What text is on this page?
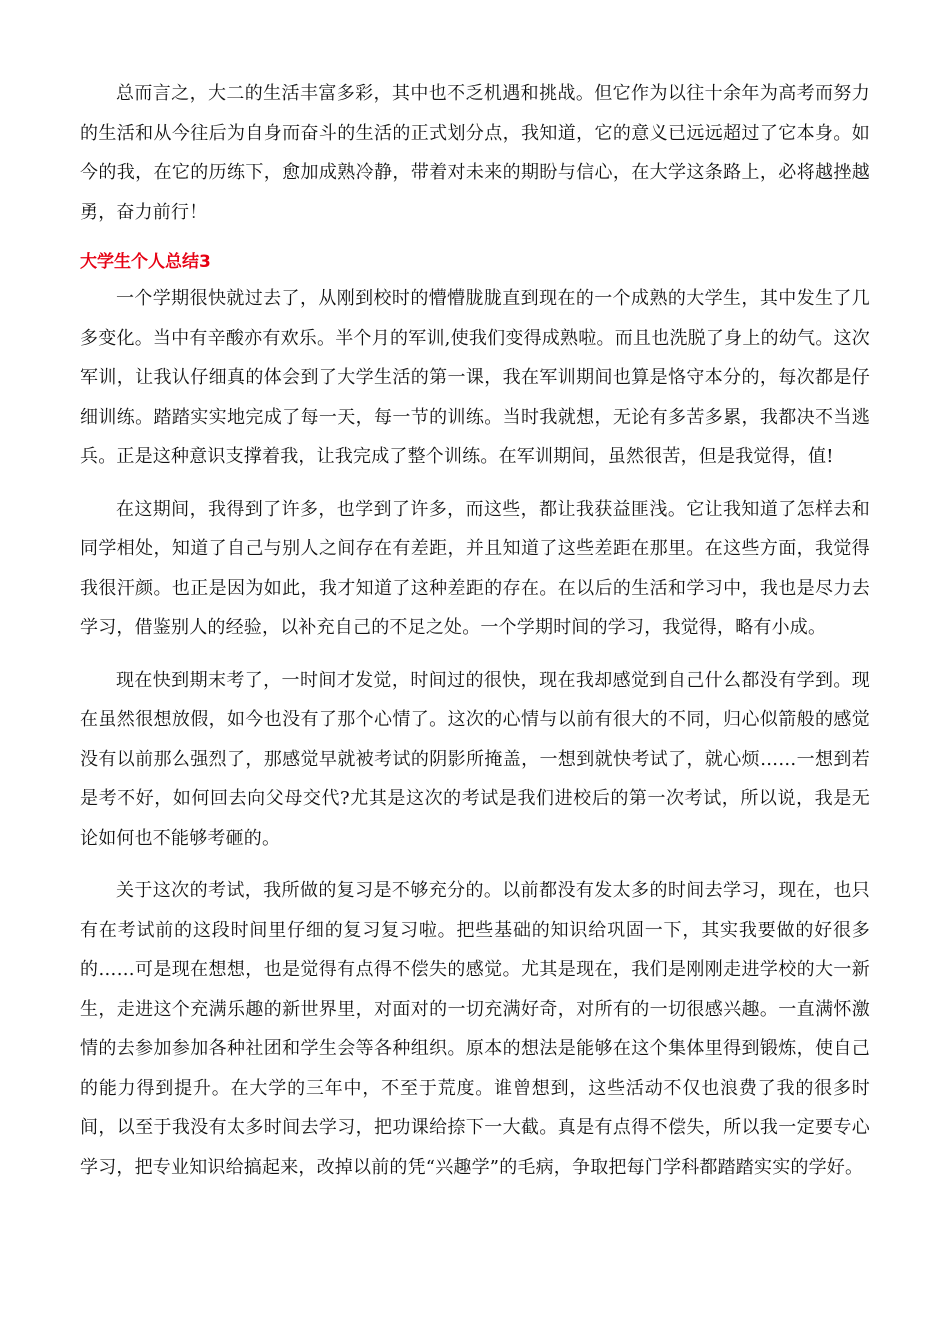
总而言之，大二的生活丰富多彩，其中也不乏机遇和挑战。但它作为以往十余年为高考而努力的生活和从今往后为自身而奋斗的生活的正式划分点，我知道，它的意义已远远超过了它本身。如今的我，在它的历练下，愈加成熟冷静，带着对未来的期盼与信心，在大学这条路上，必将越挫越勇，奋力前行！

大学生个人总结3

一个学期很快就过去了，从刚到校时的懵懵胧胧直到现在的一个成熟的大学生，其中发生了几多变化。当中有辛酸亦有欢乐。半个月的军训,使我们变得成熟啦。而且也洗脱了身上的幼气。这次军训，让我认仔细真的体会到了大学生活的第一课，我在军训期间也算是恪守本分的，每次都是仔细训练。踏踏实实地完成了每一天，每一节的训练。当时我就想，无论有多苦多累，我都决不当逃兵。正是这种意识支撑着我，让我完成了整个训练。在军训期间，虽然很苦，但是我觉得，值!

在这期间，我得到了许多，也学到了许多，而这些，都让我获益匪浅。它让我知道了怎样去和同学相处，知道了自己与别人之间存在有差距，并且知道了这些差距在那里。在这些方面，我觉得我很汗颜。也正是因为如此，我才知道了这种差距的存在。在以后的生活和学习中，我也是尽力去学习，借鉴别人的经验，以补充自己的不足之处。一个学期时间的学习，我觉得，略有小成。

现在快到期末考了，一时间才发觉，时间过的很快，现在我却感觉到自己什么都没有学到。现在虽然很想放假，如今也没有了那个心情了。这次的心情与以前有很大的不同，归心似箭般的感觉没有以前那么强烈了，那感觉早就被考试的阴影所掩盖，一想到就快考试了，就心烦……一想到若是考不好，如何回去向父母交代?尤其是这次的考试是我们进校后的第一次考试，所以说，我是无论如何也不能够考砸的。

关于这次的考试，我所做的复习是不够充分的。以前都没有发太多的时间去学习，现在，也只有在考试前的这段时间里仔细的复习复习啦。把些基础的知识给巩固一下，其实我要做的好很多的……可是现在想想，也是觉得有点得不偿失的感觉。尤其是现在，我们是刚刚走进学校的大一新生，走进这个充满乐趣的新世界里，对面对的一切充满好奇，对所有的一切很感兴趣。一直满怀激情的去参加参加各种社团和学生会等各种组织。原本的想法是能够在这个集体里得到锻炼，使自己的能力得到提升。在大学的三年中，不至于荒度。谁曾想到，这些活动不仅也浪费了我的很多时间，以至于我没有太多时间去学习，把功课给捺下一大截。真是有点得不偿失，所以我一定要专心学习，把专业知识给搞起来，改掉以前的凭“兴趣学”的毛病，争取把每门学科都踏踏实实的学好。
